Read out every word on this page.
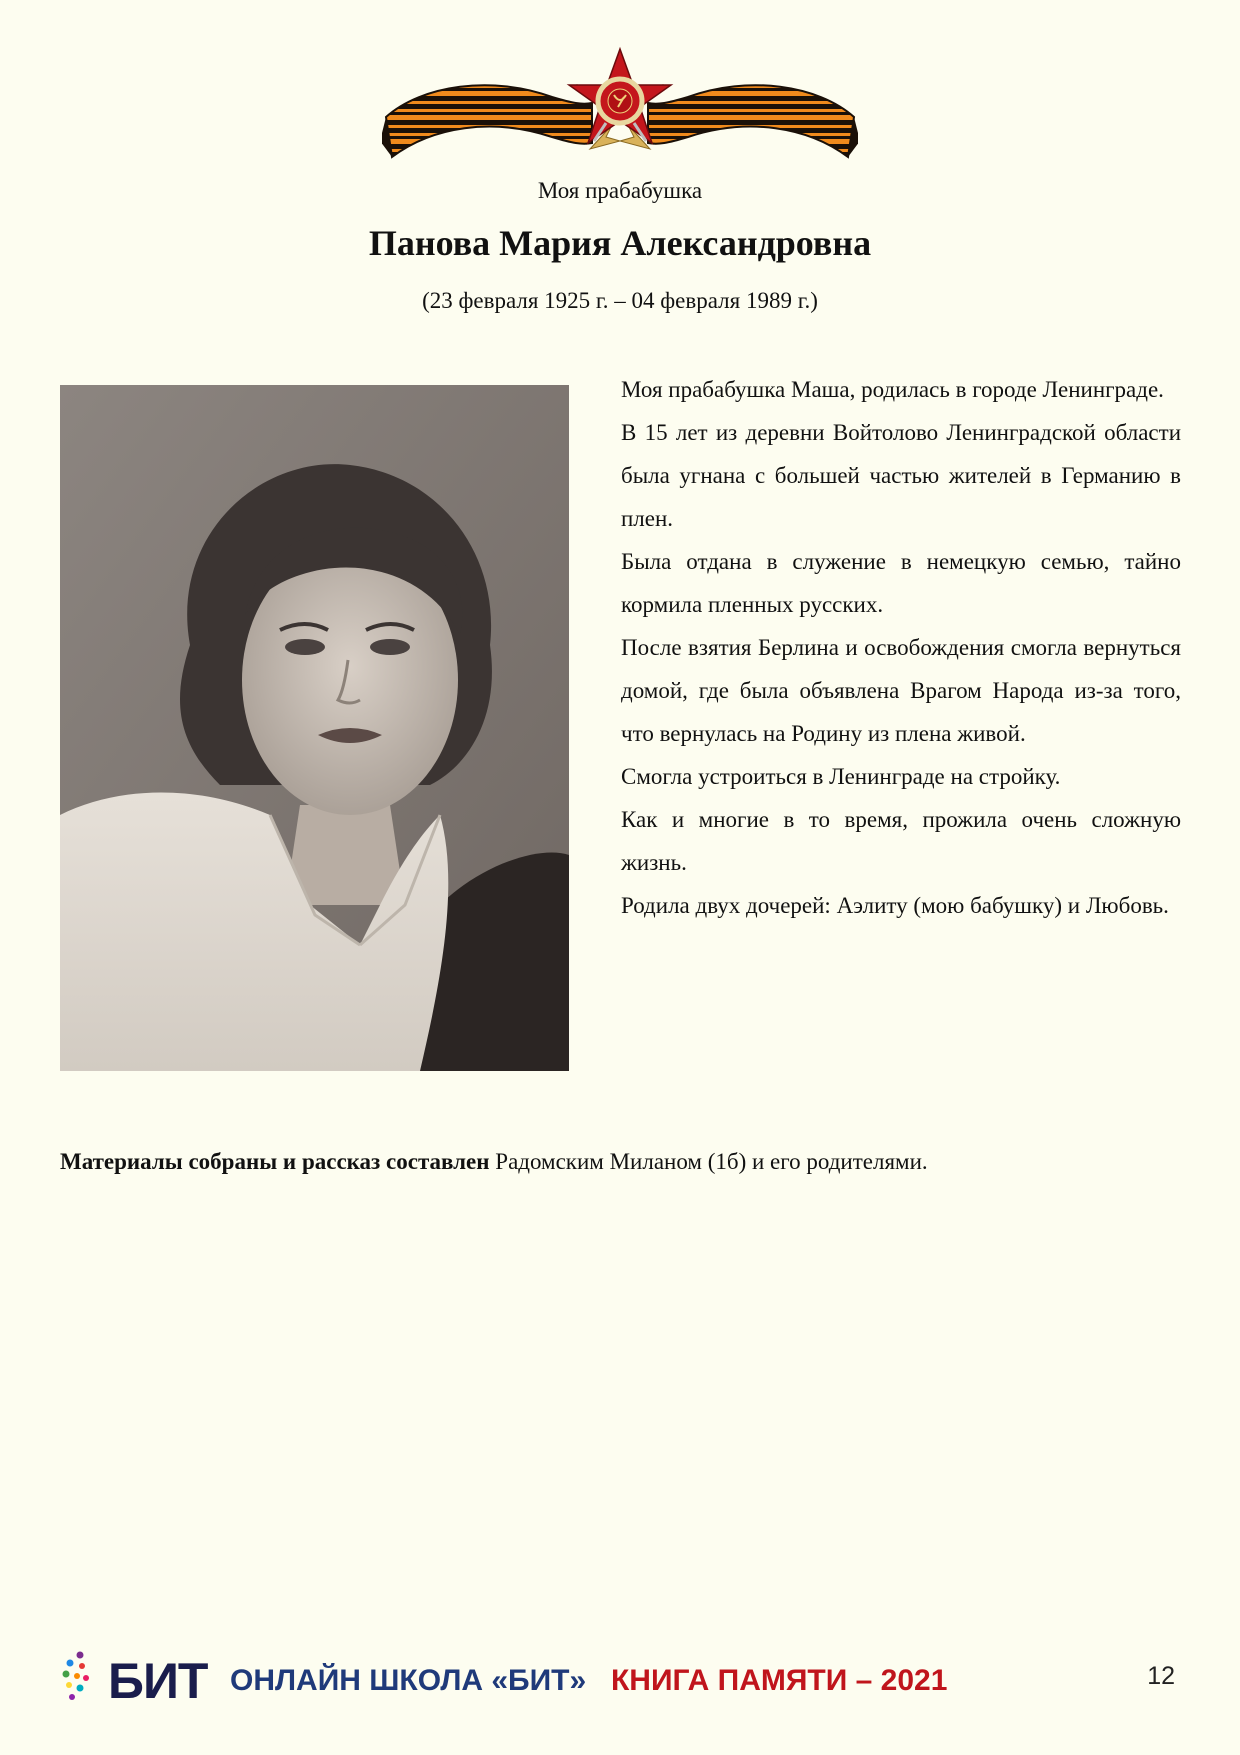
Моя прабабушка
Панова Мария Александровна
(23 февраля 1925 г. – 04 февраля 1989 г.)

Моя прабабушка Маша, родилась в городе Ленинграде.

В 15 лет из деревни Войтолово Ленинградской области была угнана с большей частью жителей в Германию в плен.

Была отдана в служение в немецкую семью, тайно кормила пленных русских.

После взятия Берлина и освобождения смогла вернуться домой, где была объявлена Врагом Народа из-за того, что вернулась на Родину из плена живой.

Смогла устроиться в Ленинграде на стройку.

Как и многие в то время, прожила очень сложную жизнь.

Родила двух дочерей: Аэлиту (мою бабушку) и Любовь.

Материалы собраны и рассказ составлен Радомским Миланом (1б) и его родителями.
БИТ ОНЛАЙН ШКОЛА «БИТ» КНИГА ПАМЯТИ – 2021	12
